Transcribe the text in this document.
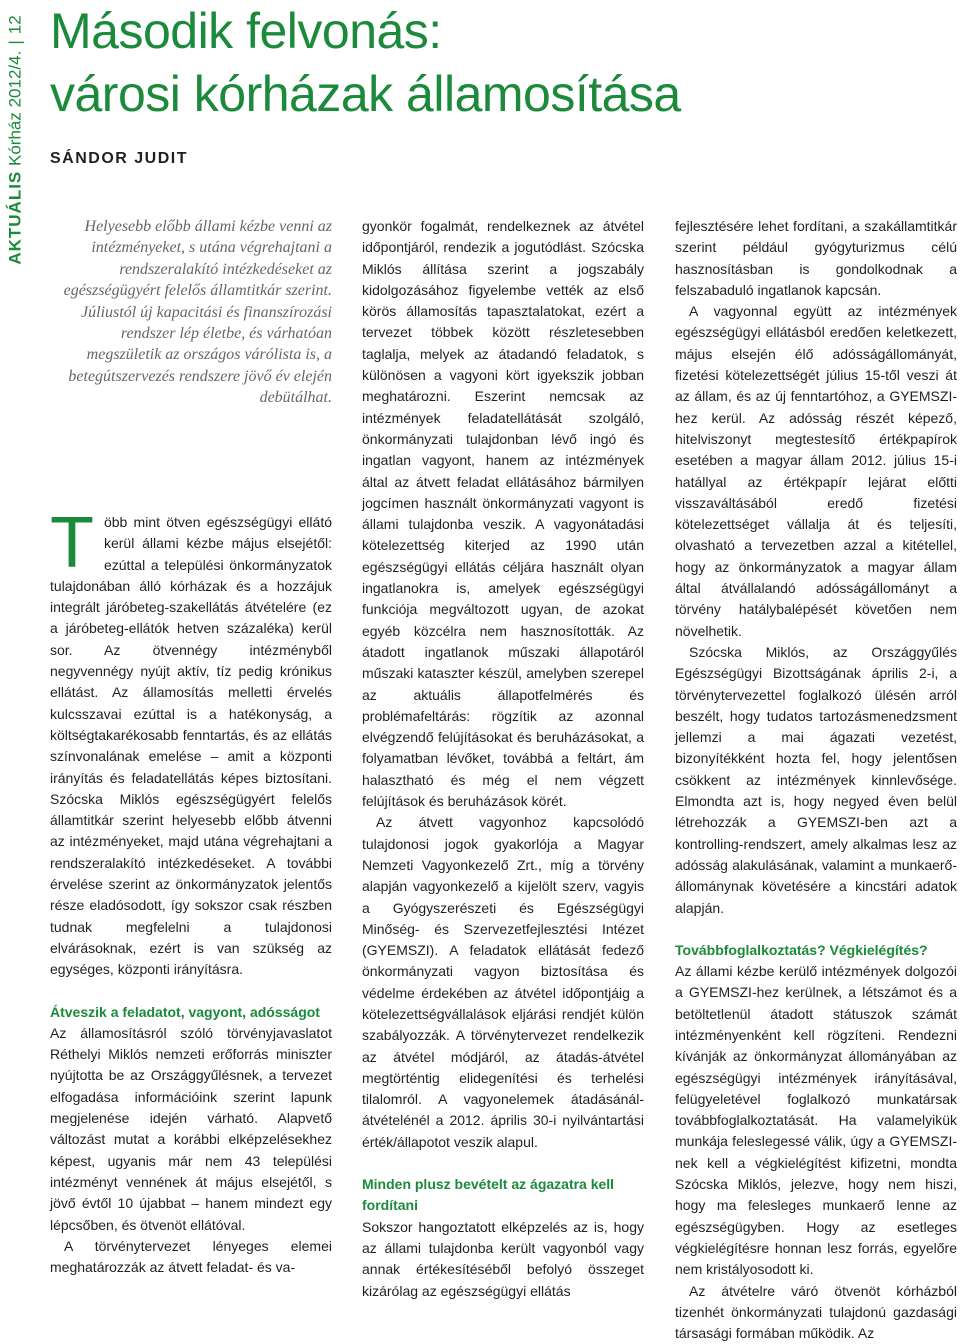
AKTUÁLIS Kórház 2012/4.|12 Második felvonás:
városi kórházak államosítása
SÁNDOR JUDIT

Helyesebb előbb állami kézbe venni az intézményeket, s utána végrehajtani a rendszeralakító intézkedéseket az egészségügyért felelős államtitkár szerint. Júliustól új kapacitási és finanszírozási rendszer lép életbe, és várhatóan megszületik az országos várólista is, a betegútszervezés rendszere jövő év elején debütálhat.

Több mint ötven egészségügyi ellátó kerül állami kézbe május elsejétől: ezúttal a települési önkormányzatok tulajdonában álló kórházak és a hozzájuk integrált járóbeteg-szakellátás átvételére (ez a járóbeteg-ellátók hetven százaléka) kerül sor. Az ötvennégy intézményből negyvennégy nyújt aktív, tíz pedig krónikus ellátást. Az államosítás melletti érvelés kulcsszavai ezúttal is a hatékonyság, a költségtakarékosabb fenntartás, és az ellátás színvonalának emelése – amit a központi irányítás és feladatellátás képes biztosítani. Szócska Miklós egészségügyért felelős államtitkár szerint helyesebb előbb átvenni az intézményeket, majd utána végrehajtani a rendszeralakító intézkedéseket. A további érvelése szerint az önkormányzatok jelentős része eladósodott, így sokszor csak részben tudnak megfelelni a tulajdonosi elvárásoknak, ezért is van szükség az egységes, központi irányításra.

Átveszik a feladatot, vagyont, adósságot

Az államosításról szóló törvényjavaslatot Réthelyi Miklós nemzeti erőforrás miniszter nyújtotta be az Országgyűlésnek, a tervezet elfogadása információink szerint lapunk megjelenése idején várható. Alapvető változást mutat a korábbi elképzelésekhez képest, ugyanis már nem 43 települési intézményt vennének át május elsejétől, s jövő évtől 10 újabbat – hanem mindezt egy lépcsőben, és ötvenöt ellátóval.

A törvénytervezet lényeges elemei meghatározzák az átvett feladat- és va-

gyonkör fogalmát, rendelkeznek az átvétel időpontjáról, rendezik a jogutódlást. Szócska Miklós állítása szerint a jogszabály kidolgozásához figyelembe vették az első körös államosítás tapasztalatokat, ezért a tervezet többek között részletesebben taglalja, melyek az átadandó feladatok, s különösen a vagyoni kört igyekszik jobban meghatározni. Eszerint nemcsak az intézmények feladatellátását szolgáló, önkormányzati tulajdonban lévő ingó és ingatlan vagyont, hanem az intézmények által az átvett feladat ellátásához bármilyen jogcímen használt önkormányzati vagyont is állami tulajdonba veszik. A vagyonátadási kötelezettség kiterjed az 1990 után egészségügyi ellátás céljára használt olyan ingatlanokra is, amelyek egészségügyi funkciója megváltozott ugyan, de azokat egyéb közcélra nem hasznosították. Az átadott ingatlanok műszaki állapotáról műszaki kataszter készül, amelyben szerepel az aktuális állapotfelmérés és problémafeltárás: rögzítik az azonnal elvégzendő felújításokat és beruházásokat, a folyamatban lévőket, továbbá a feltárt, ám halasztható és még el nem végzett felújítások és beruházások körét.

Az átvett vagyonhoz kapcsolódó tulajdonosi jogok gyakorlója a Magyar Nemzeti Vagyonkezelő Zrt., míg a törvény alapján vagyonkezelő a kijelölt szerv, vagyis a Gyógyszerészeti és Egészségügyi Minőség- és Szervezetfejlesztési Intézet (GYEMSZI). A feladatok ellátását fedező önkormányzati vagyon biztosítása és védelme érdekében az átvétel időpontjáig a kötelezettségvállalások eljárási rendjét külön szabályozzák. A törvénytervezet rendelkezik az átvétel módjáról, az átadás-átvétel megtörténtig elidegenítési és terhelési tilalomról. A vagyonelemek átadásánál-átvételénél a 2012. április 30-i nyilvántartási érték/állapotot veszik alapul.

Minden plusz bevételt az ágazatra kell fordítani

Sokszor hangoztatott elképzelés az is, hogy az állami tulajdonba került vagyonból vagy annak értékesítéséből befolyó összeget kizárólag az egészségügyi ellátás

fejlesztésére lehet fordítani, a szakállamtitkár szerint például gyógyturizmus célú hasznosításban is gondolkodnak a felszabaduló ingatlanok kapcsán.

A vagyonnal együtt az intézmények egészségügyi ellátásból eredően keletkezett, május elsején élő adósságállományát, fizetési kötelezettségét július 15-től veszi át az állam, és az új fenntartóhoz, a GYEMSZI-hez kerül. Az adósság részét képező, hitelviszonyt megtestesítő értékpapírok esetében a magyar állam 2012. július 15-i hatállyal az értékpapír lejárat előtti visszaváltásából eredő fizetési kötelezettséget vállalja át és teljesíti, olvasható a tervezetben azzal a kitétellel, hogy az önkormányzatok a magyar állam által átvállalandó adósságállományt a törvény hatálybalépését követően nem növelhetik.

Szócska Miklós, az Országgyűlés Egészségügyi Bizottságának április 2-i, a törvénytervezettel foglalkozó ülésén arról beszélt, hogy tudatos tartozásmenedzsment jellemzi a mai ágazati vezetést, bizonyítékként hozta fel, hogy jelentősen csökkent az intézmények kinnlevősége. Elmondta azt is, hogy negyed éven belül létrehozzák a GYEMSZI-ben azt a kontrolling-rendszert, amely alkalmas lesz az adósság alakulásának, valamint a munkaerő-állománynak követésére a kincstári adatok alapján.

Továbbfoglalkoztatás? Végkielégítés?

Az állami kézbe kerülő intézmények dolgozói a GYEMSZI-hez kerülnek, a létszámot és a betöltetlenül átadott státuszok számát intézményenként kell rögzíteni. Rendezni kívánják az önkormányzat állományában az egészségügyi intézmények irányításával, felügyeletével foglalkozó munkatársak továbbfoglalkoztatását. Ha valamelyikük munkája feleslegessé válik, úgy a GYEMSZI-nek kell a végkielégítést kifizetni, mondta Szócska Miklós, jelezve, hogy nem hiszi, hogy ma felesleges munkaerő lenne az egészségügyben. Hogy az esetleges végkielégítésre honnan lesz forrás, egyelőre nem kristályosodott ki.

Az átvételre váró ötvenöt kórházból tizenhét önkormányzati tulajdonú gazdasági társasági formában működik. Az
